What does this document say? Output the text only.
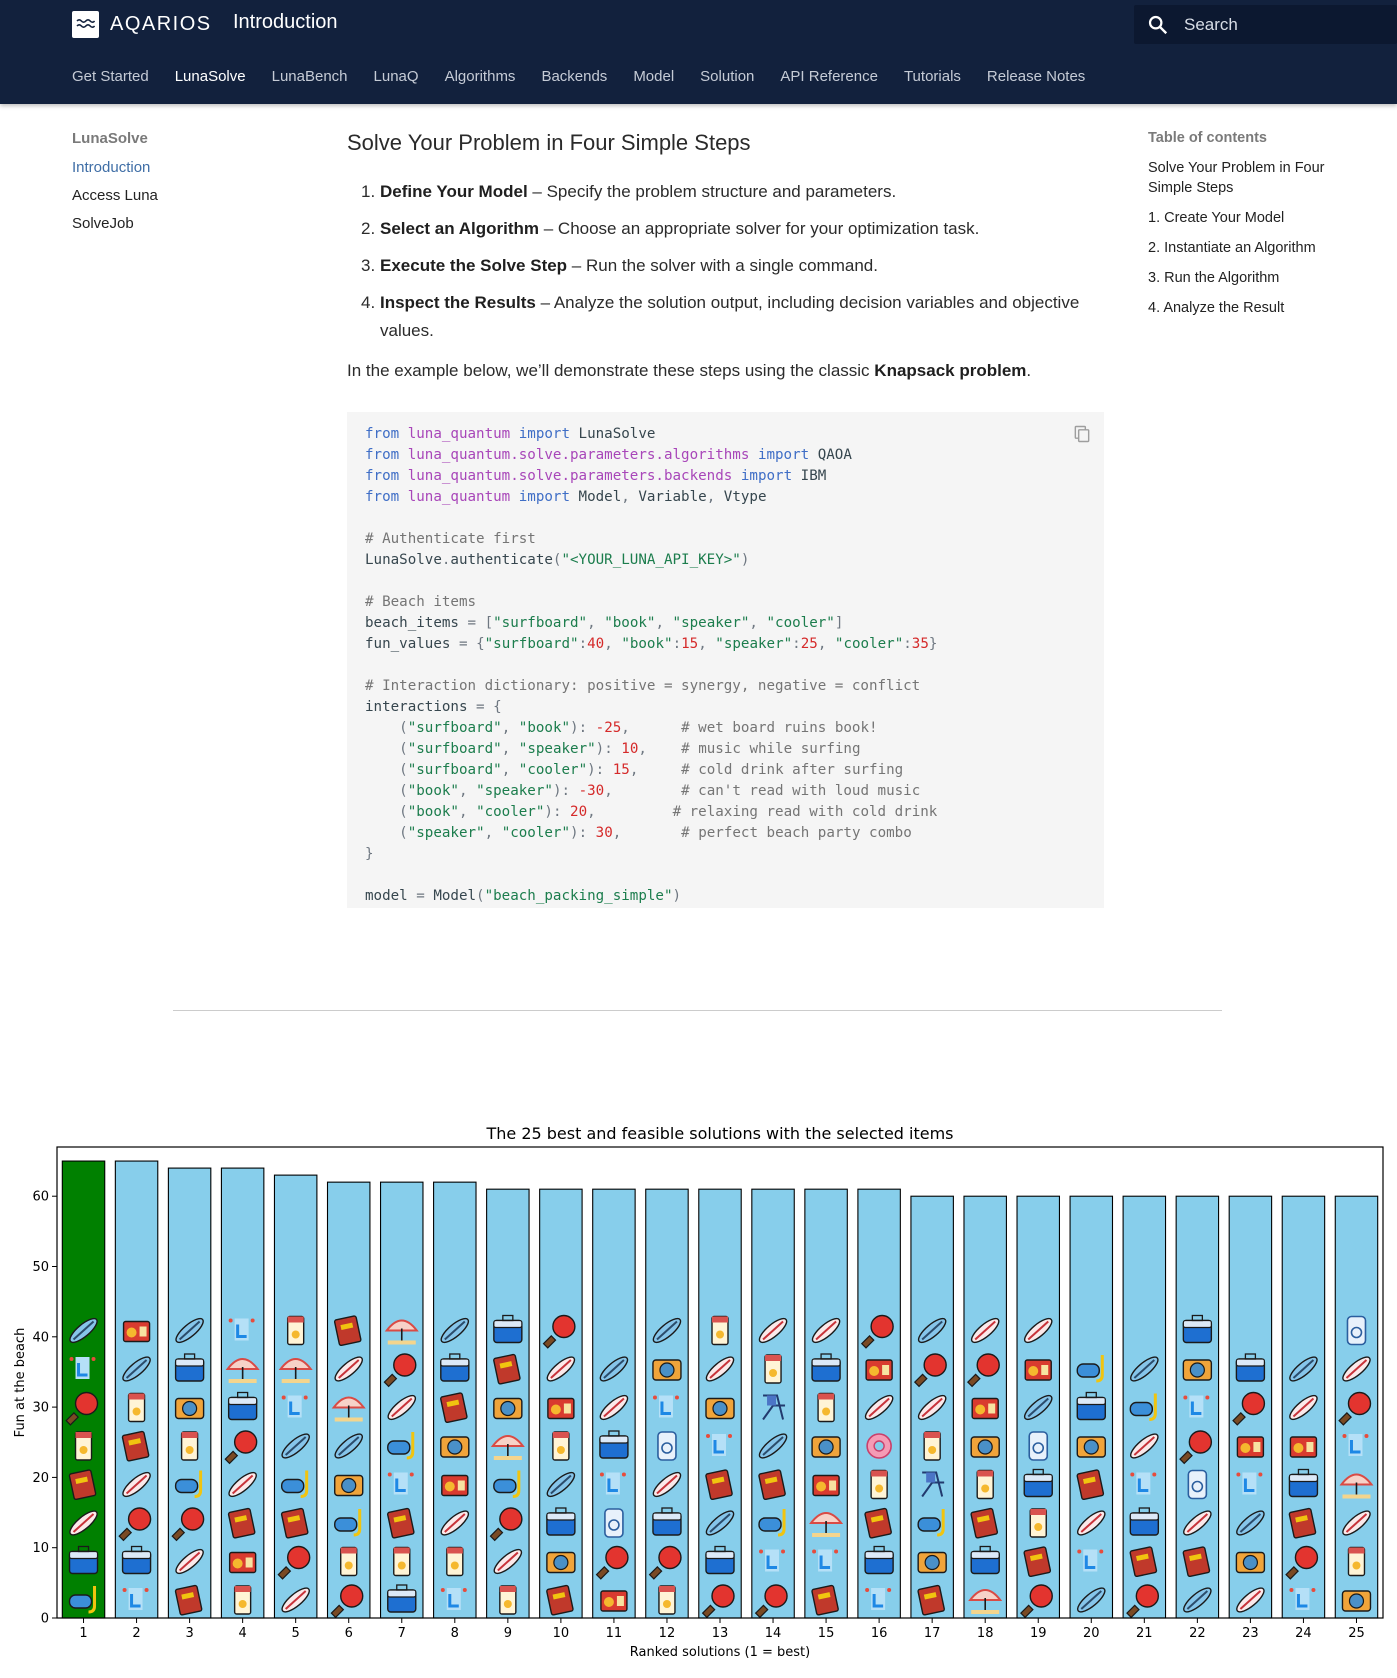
AQARIOS Introduction
Search
Get Started LunaSolve LunaBench LunaQ Algorithms Backends Model Solution API Reference Tutorials Release Notes
LunaSolve
Introduction
Access Luna
SolveJob
Table of contents
Solve Your Problem in Four Simple Steps
1. Create Your Model
2. Instantiate an Algorithm
3. Run the Algorithm
4. Analyze the Result
Solve Your Problem in Four Simple Steps
1. Define Your Model – Specify the problem structure and parameters.
2. Select an Algorithm – Choose an appropriate solver for your optimization task.
3. Execute the Solve Step – Run the solver with a single command.
4. Inspect the Results – Analyze the solution output, including decision variables and objective values.

In the example below, we’ll demonstrate these steps using the classic Knapsack problem.

from luna_quantum import LunaSolve
from luna_quantum.solve.parameters.algorithms import QAOA
from luna_quantum.solve.parameters.backends import IBM
from luna_quantum import Model, Variable, Vtype

# Authenticate first
LunaSolve.authenticate("<YOUR_LUNA_API_KEY>")

# Beach items
beach_items = ["surfboard", "book", "speaker", "cooler"]
fun_values = {"surfboard":40, "book":15, "speaker":25, "cooler":35}

# Interaction dictionary: positive = synergy, negative = conflict
interactions = {
("surfboard", "book"): -25,	# wet board ruins book!
("surfboard", "speaker"): 10, # music while surfing
("surfboard", "cooler"): 15,	# cold drink after surfing
("book", "speaker"): -30,	# can't read with loud music
("book", "cooler"): 20,	# relaxing read with cold drink
("speaker", "cooler"): 30,	# perfect beach party combo
}

model = Model("beach_packing_simple")
The 25 best and feasible solutions with the selected items
0
10
20
30
40
50
60
Fun at the beach
1	2	3	4	5	6	7	8	9	10	11	12	13	14	15	16	17	18	19	20	21	22	23	24	25
Ranked solutions (1 = best)
